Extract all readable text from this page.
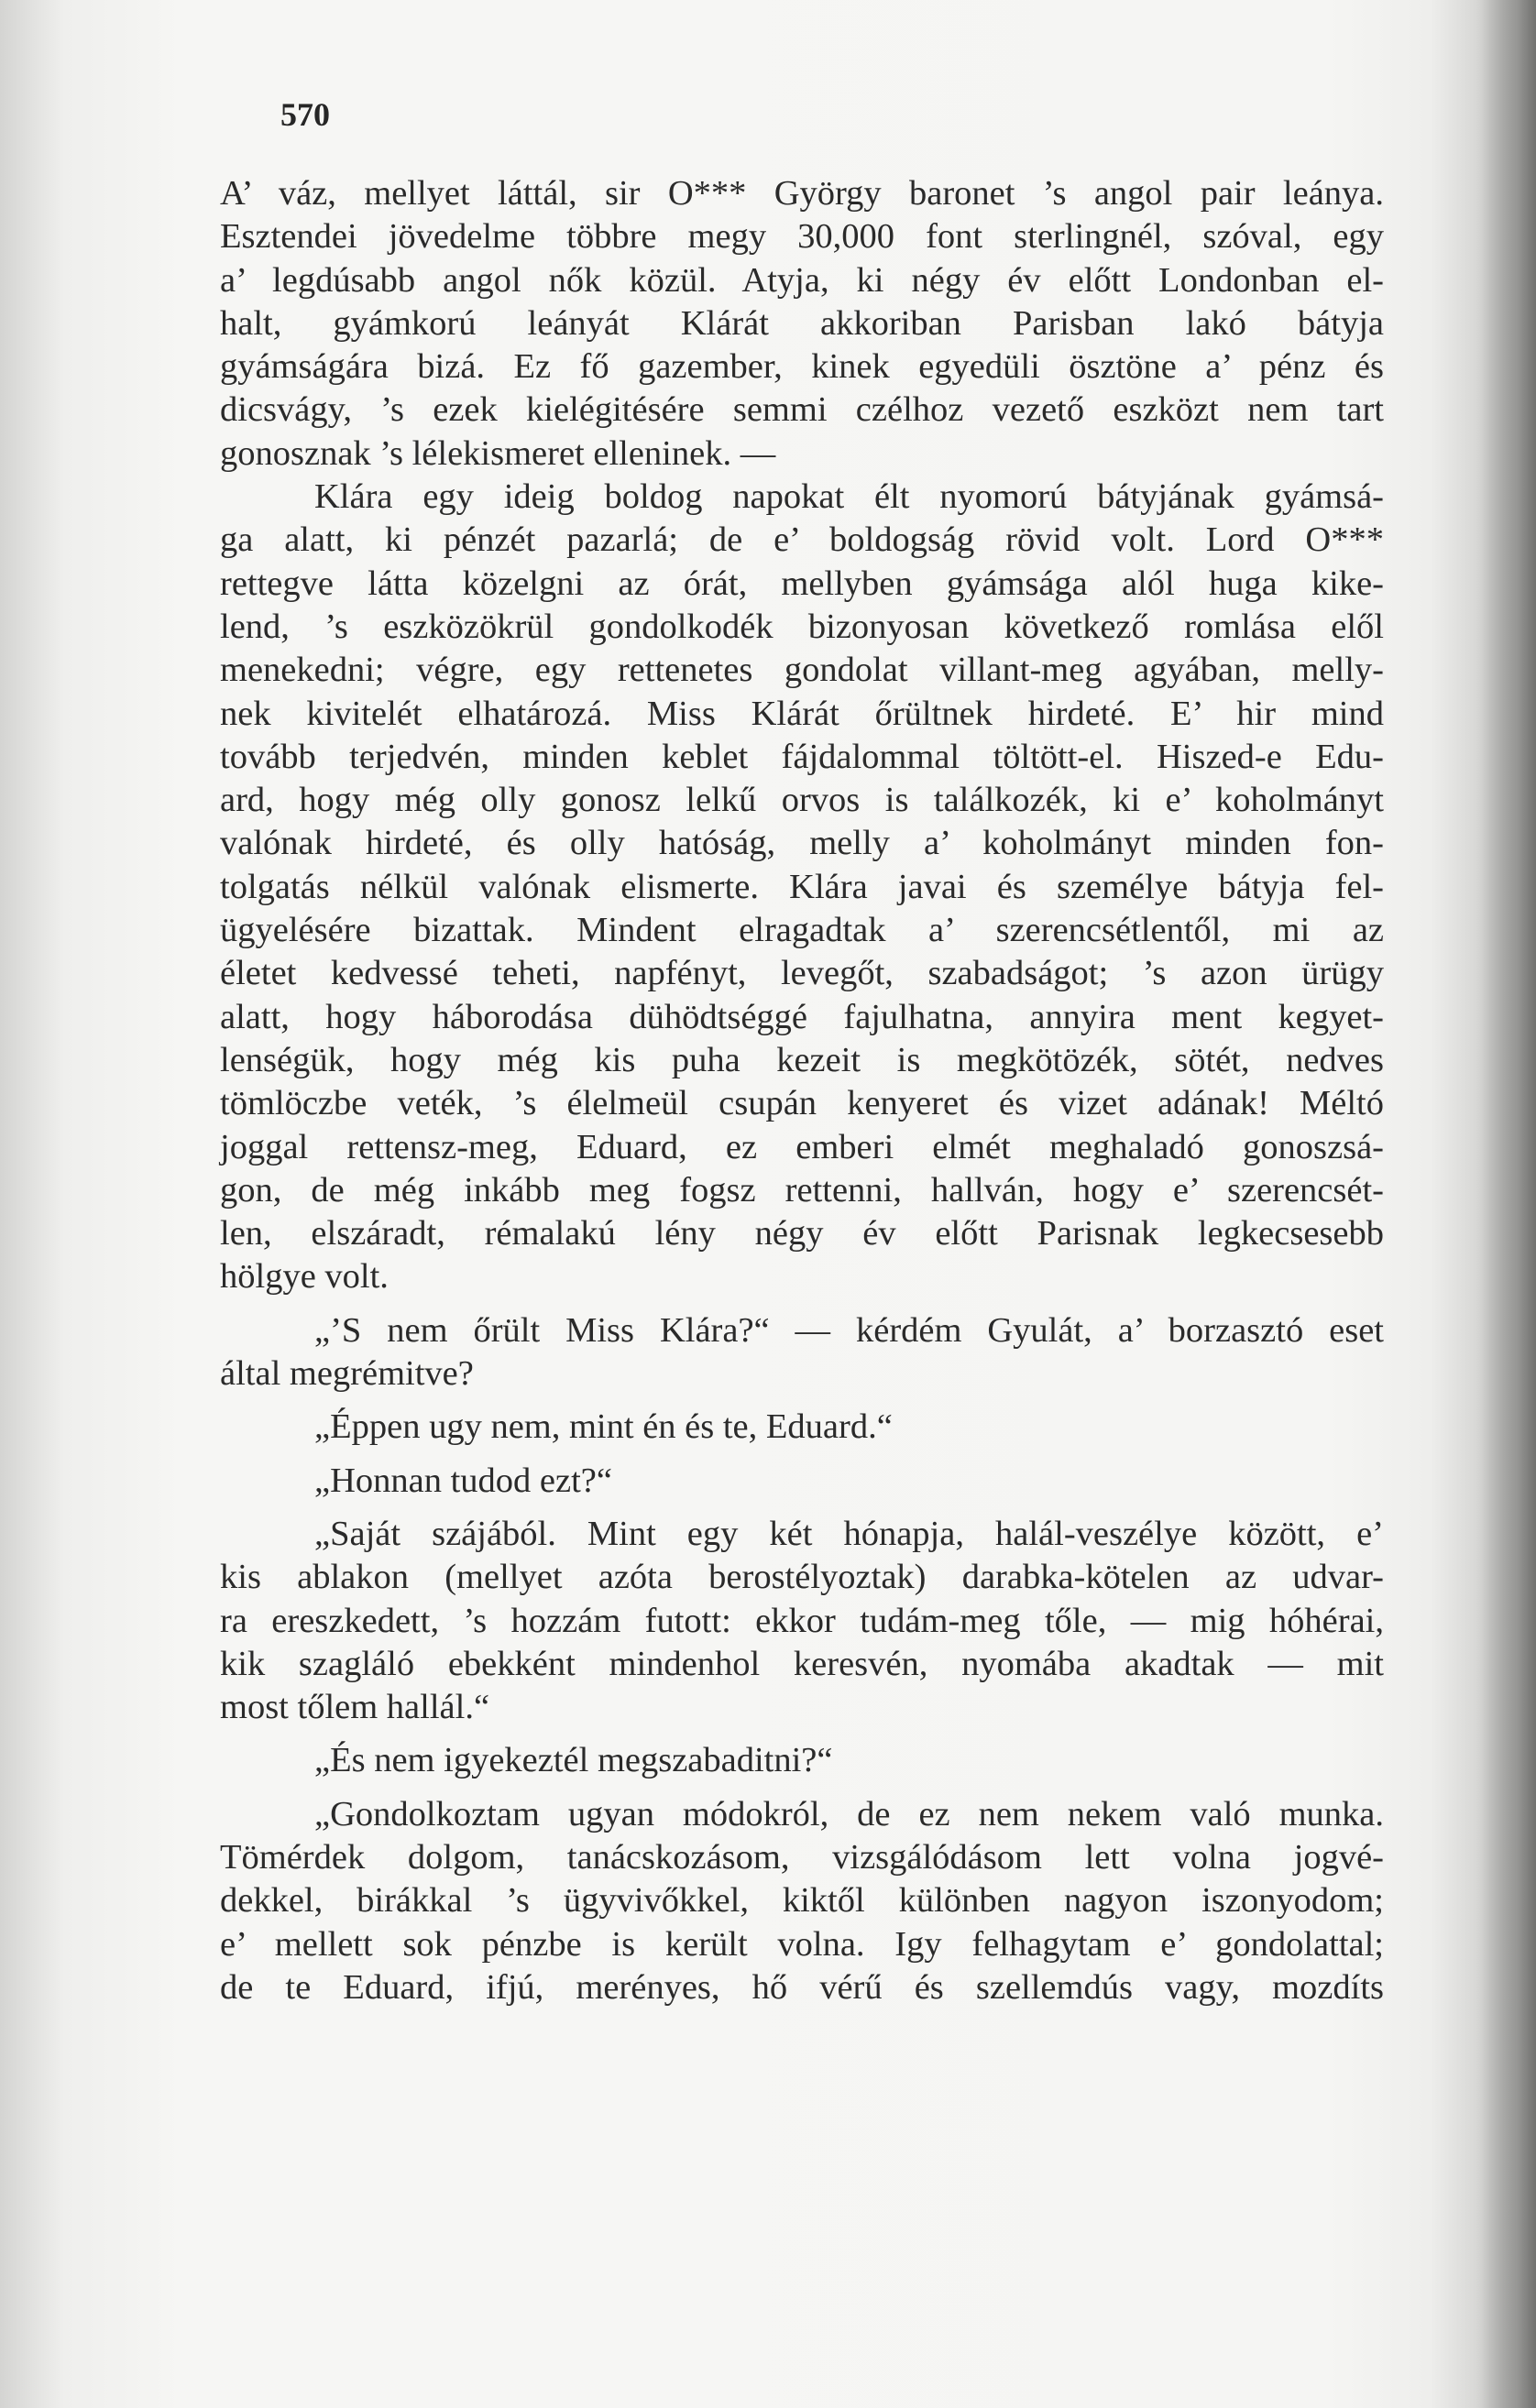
570
A’ váz, mellyet láttál, sir O*** György baronet ’s angol pair leánya.
Esztendei jövedelme többre megy 30,000 font sterlingnél, szóval, egy
a’ legdúsabb angol nők közül. Atyja, ki négy év előtt Londonban el-
halt, gyámkorú leányát Klárát akkoriban Parisban lakó bátyja
gyámságára bizá. Ez fő gazember, kinek egyedüli ösztöne a’ pénz és
dicsvágy, ’s ezek kielégitésére semmi czélhoz vezető eszközt nem tart
gonosznak ’s lélekismeret elleninek. —
Klára egy ideig boldog napokat élt nyomorú bátyjának gyámsá-
ga alatt, ki pénzét pazarlá; de e’ boldogság rövid volt. Lord O***
rettegve látta közelgni az órát, mellyben gyámsága alól huga kike-
lend, ’s eszközökrül gondolkodék bizonyosan következő romlása elől
menekedni; végre, egy rettenetes gondolat villant-meg agyában, melly-
nek kivitelét elhatározá. Miss Klárát őrültnek hirdeté. E’ hir mind
tovább terjedvén, minden keblet fájdalommal töltött-el. Hiszed-e Edu-
ard, hogy még olly gonosz lelkű orvos is találkozék, ki e’ koholmányt
valónak hirdeté, és olly hatóság, melly a’ koholmányt minden fon-
tolgatás nélkül valónak elismerte. Klára javai és személye bátyja fel-
ügyelésére bizattak. Mindent elragadtak a’ szerencsétlentől, mi az
életet kedvessé teheti, napfényt, levegőt, szabadságot; ’s azon ürügy
alatt, hogy háborodása dühödtséggé fajulhatna, annyira ment kegyet-
lenségük, hogy még kis puha kezeit is megkötözék, sötét, nedves
tömlöczbe veték, ’s élelmeül csupán kenyeret és vizet adának! Méltó
joggal rettensz-meg, Eduard, ez emberi elmét meghaladó gonoszsá-
gon, de még inkább meg fogsz rettenni, hallván, hogy e’ szerencsét-
len, elszáradt, rémalakú lény négy év előtt Parisnak legkecsesebb
hölgye volt.
„’S nem őrült Miss Klára?“ — kérdém Gyulát, a’ borzasztó eset
által megrémitve?
„Éppen ugy nem, mint én és te, Eduard.“
„Honnan tudod ezt?“
„Saját szájából. Mint egy két hónapja, halál-veszélye között, e’
kis ablakon (mellyet azóta berostélyoztak) darabka-kötelen az udvar-
ra ereszkedett, ’s hozzám futott: ekkor tudám-meg tőle, — mig hóhérai,
kik szagláló ebekként mindenhol keresvén, nyomába akadtak — mit
most tőlem hallál.“
„És nem igyekeztél megszabaditni?“
„Gondolkoztam ugyan módokról, de ez nem nekem való munka.
Tömérdek dolgom, tanácskozásom, vizsgálódásom lett volna jogvé-
dekkel, birákkal ’s ügyvivőkkel, kiktől különben nagyon iszonyodom;
e’ mellett sok pénzbe is került volna. Igy felhagytam e’ gondolattal;
de te Eduard, ifjú, merényes, hő vérű és szellemdús vagy, mozdíts
